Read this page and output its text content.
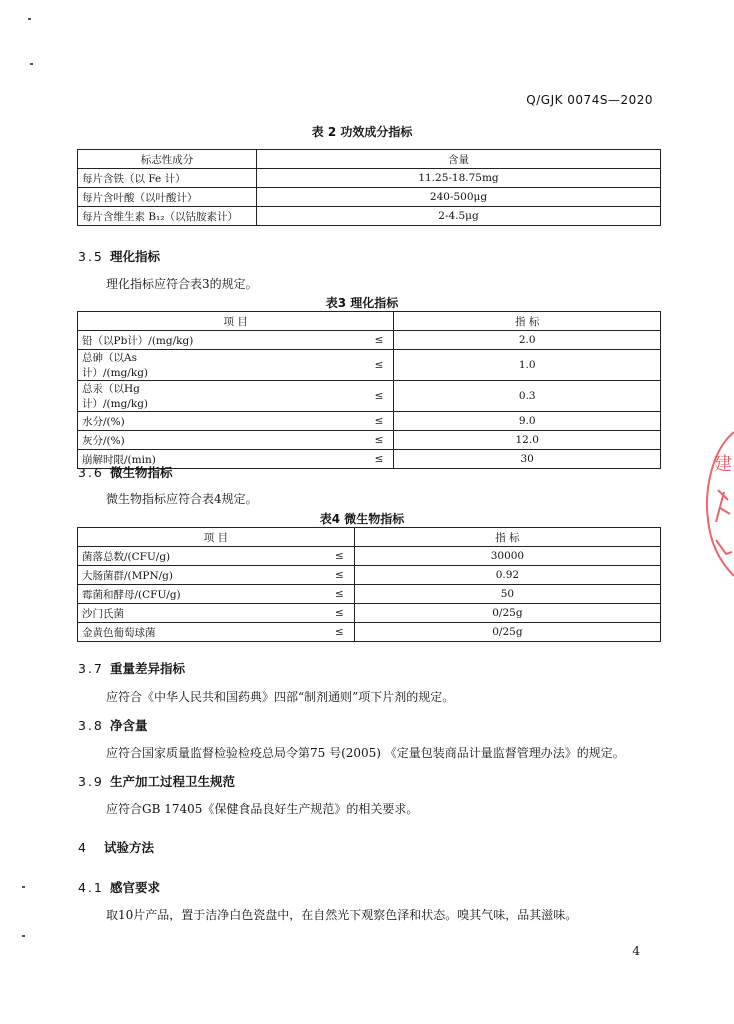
Q/GJK 0074S—2020
表 2 功效成分指标
标志性成分	含量
每片含铁（以 Fe 计）	11.25-18.75mg
每片含叶酸（以叶酸计）	240-500μg
每片含维生素 B₁₂（以钴胺素计）	2-4.5μg
3.5 理化指标
理化指标应符合表3的规定。
表3 理化指标
项 目		指 标
铅（以Pb计）/(mg/kg)	≤	2.0
总砷（以As计）/(mg/kg)	≤	1.0
总汞（以Hg计）/(mg/kg)	≤	0.3
水分/(%)	≤	9.0
灰分/(%)	≤	12.0
崩解时限/(min)	≤	30
3.6 微生物指标
微生物指标应符合表4规定。
表4 微生物指标
项 目		指 标
菌落总数/(CFU/g)	≤	30000
大肠菌群/(MPN/g)	≤	0.92
霉菌和酵母/(CFU/g)	≤	50
沙门氏菌	≤	0/25g
金黄色葡萄球菌	≤	0/25g
3.7 重量差异指标
应符合《中华人民共和国药典》四部“制剂通则”项下片剂的规定。
3.8 净含量
应符合国家质量监督检验检疫总局令第75 号(2005) 《定量包装商品计量监督管理办法》的规定。
3.9 生产加工过程卫生规范
应符合GB 17405《保健食品良好生产规范》的相关要求。
4 试验方法
4.1 感官要求
取10片产品，置于洁净白色瓷盘中，在自然光下观察色泽和状态。嗅其气味，品其滋味。
4
建
